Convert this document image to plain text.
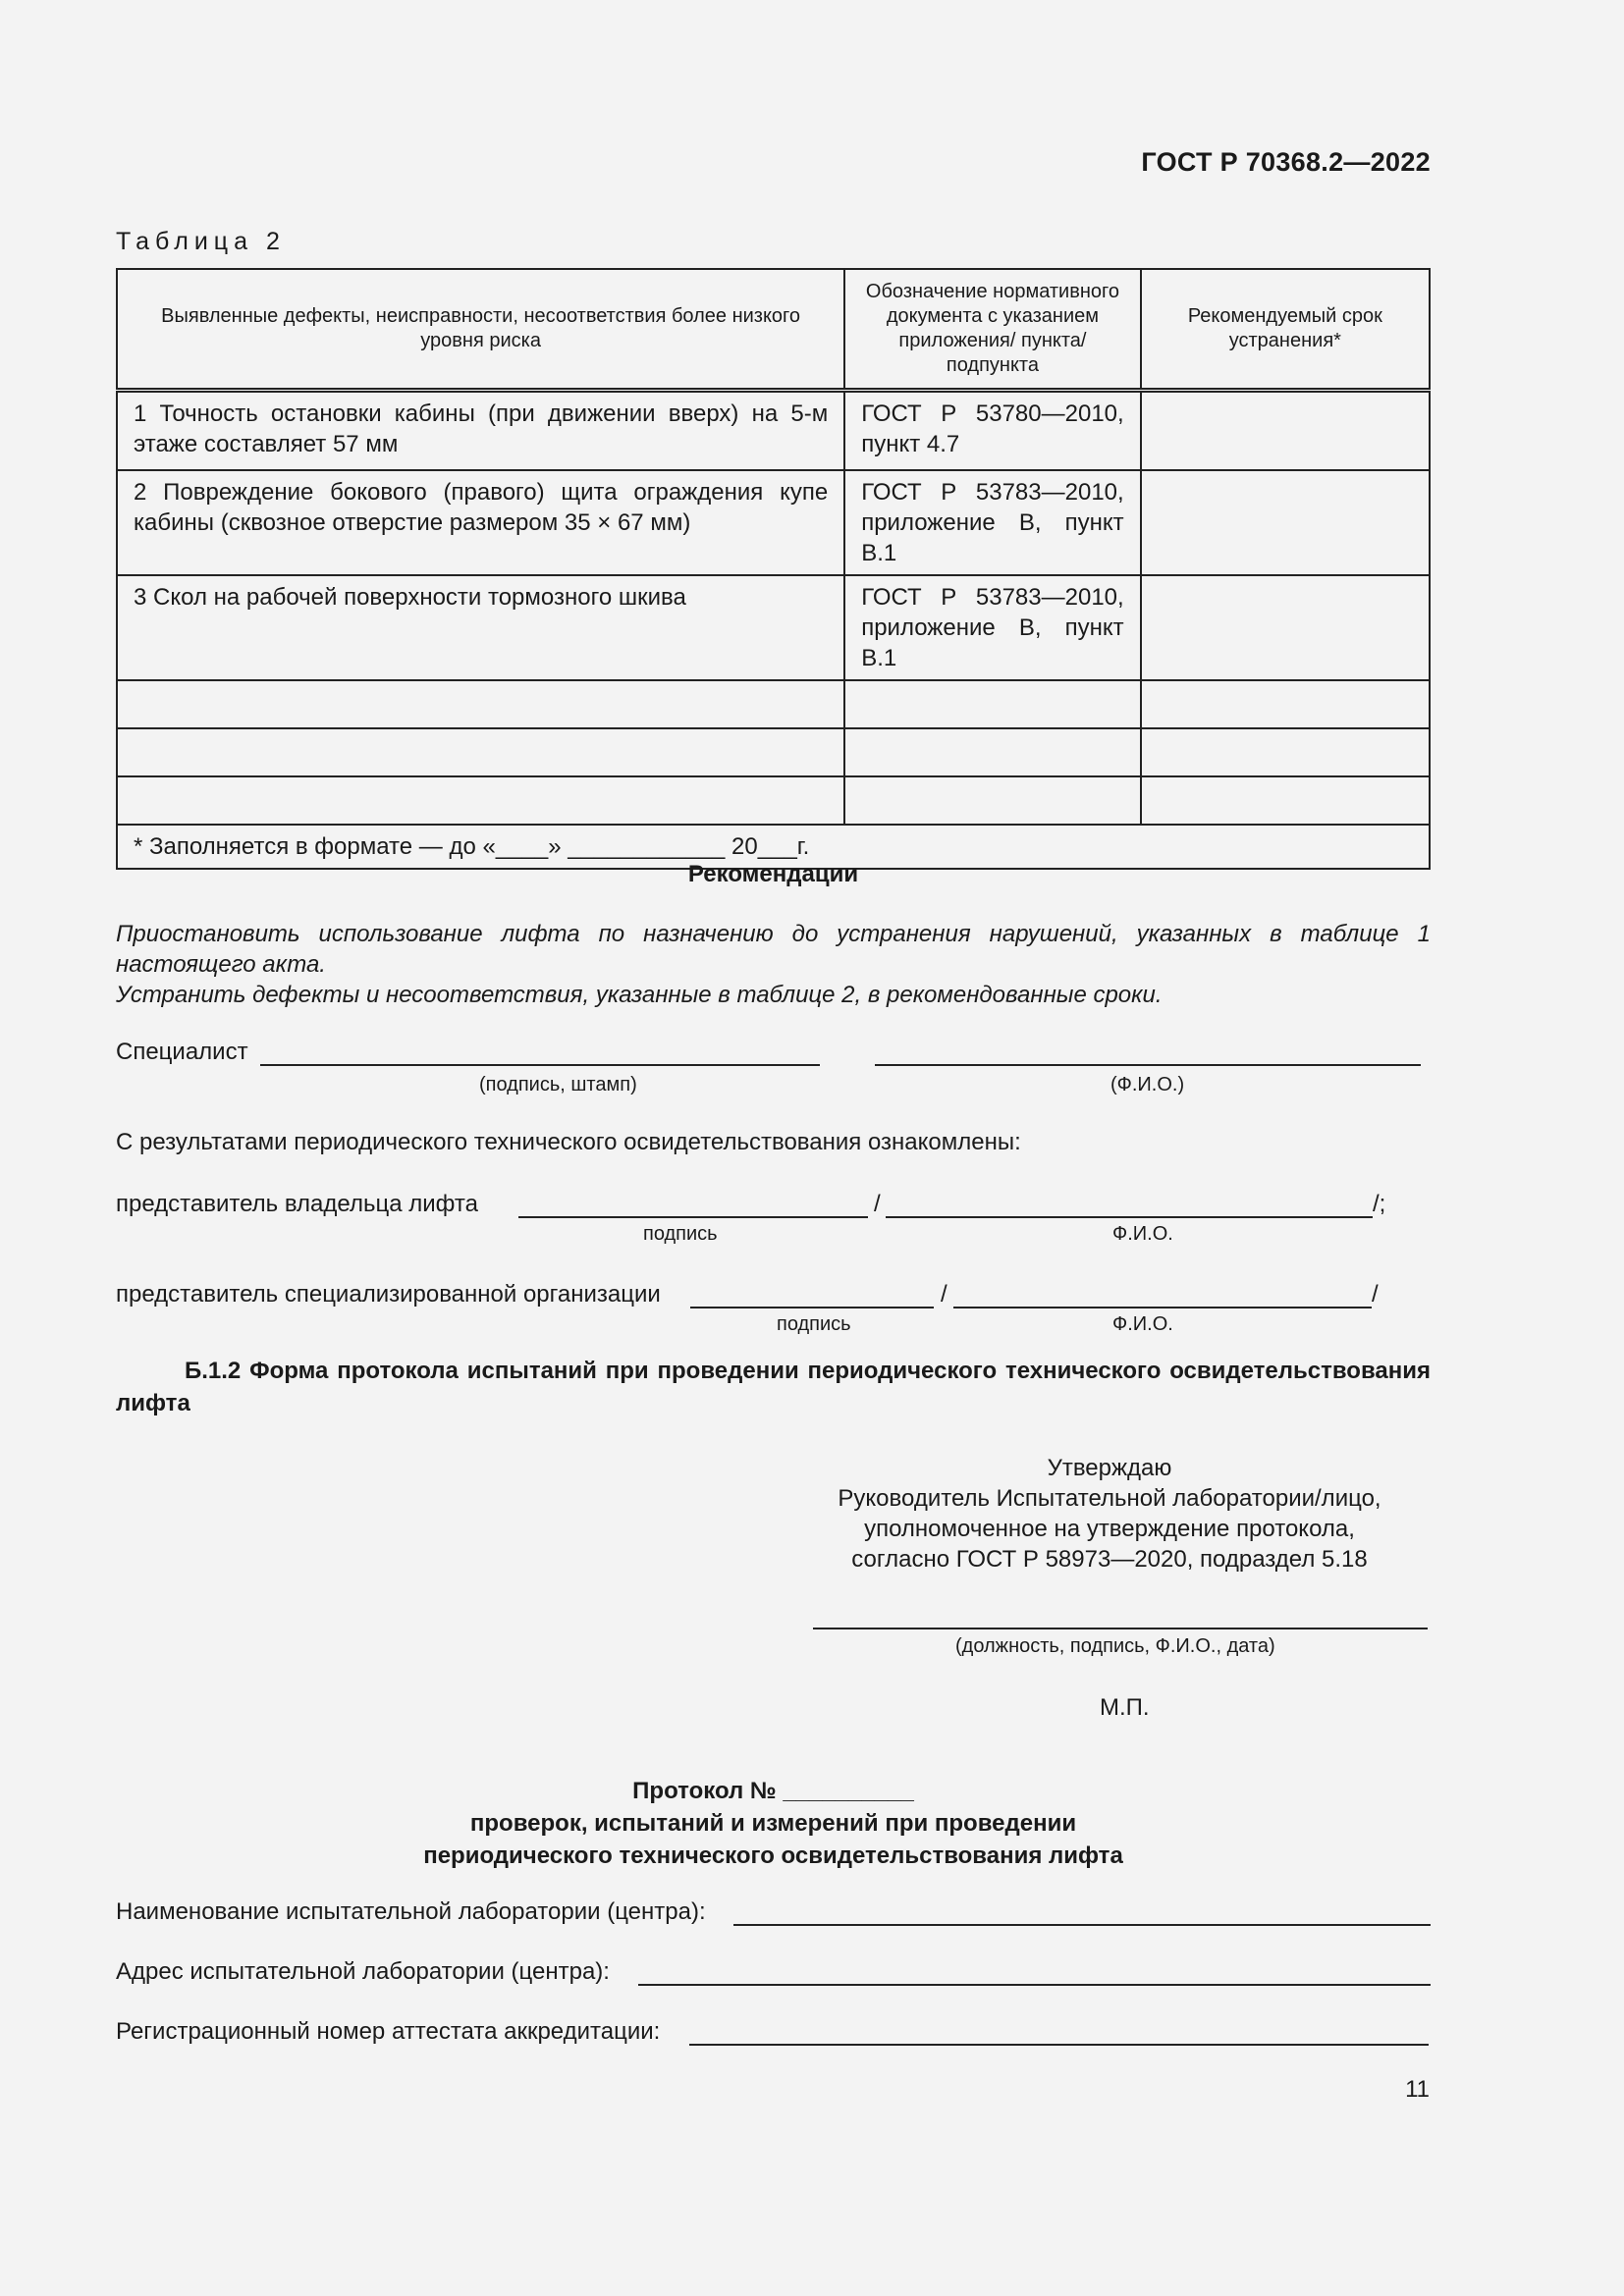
ГОСТ Р 70368.2—2022
Таблица 2
Выявленные дефекты, неисправности, несоответствия более низкого уровня риска	Обозначение нормативного документа с указанием приложения/ пункта/подпункта	Рекомендуемый срок устранения*
1 Точность остановки кабины (при движении вверх) на 5-м этаже составляет 57 мм	ГОСТ Р 53780—2010, пункт 4.7	
2 Повреждение бокового (правого) щита ограждения купе кабины (сквозное отверстие размером 35 × 67 мм)	ГОСТ Р 53783—2010, приложение В, пункт В.1	
3 Скол на рабочей поверхности тормозного шкива	ГОСТ Р 53783—2010, приложение В, пункт В.1	

* Заполняется в формате — до «____» ____________ 20___г.		
Рекомендации
Приостановить использование лифта по назначению до устранения нарушений, указанных в таблице 1 настоящего акта.
Устранить дефекты и несоответствия, указанные в таблице 2, в рекомендованные сроки.
Специалист
(подпись, штамп)	(Ф.И.О.)
С результатами периодического технического освидетельствования ознакомлены:
представитель владельца лифта	/	/;
подпись	Ф.И.О.
представитель специализированной организации	/	/
подпись	Ф.И.О.
Б.1.2 Форма протокола испытаний при проведении периодического технического освидетельствования лифта
Утверждаю
Руководитель Испытательной лаборатории/лицо,
уполномоченное на утверждение протокола,
согласно ГОСТ Р 58973—2020, подраздел 5.18
(должность, подпись, Ф.И.О., дата)
М.П.
Протокол № __________
проверок, испытаний и измерений при проведении
периодического технического освидетельствования лифта
Наименование испытательной лаборатории (центра):
Адрес испытательной лаборатории (центра):
Регистрационный номер аттестата аккредитации:
11
